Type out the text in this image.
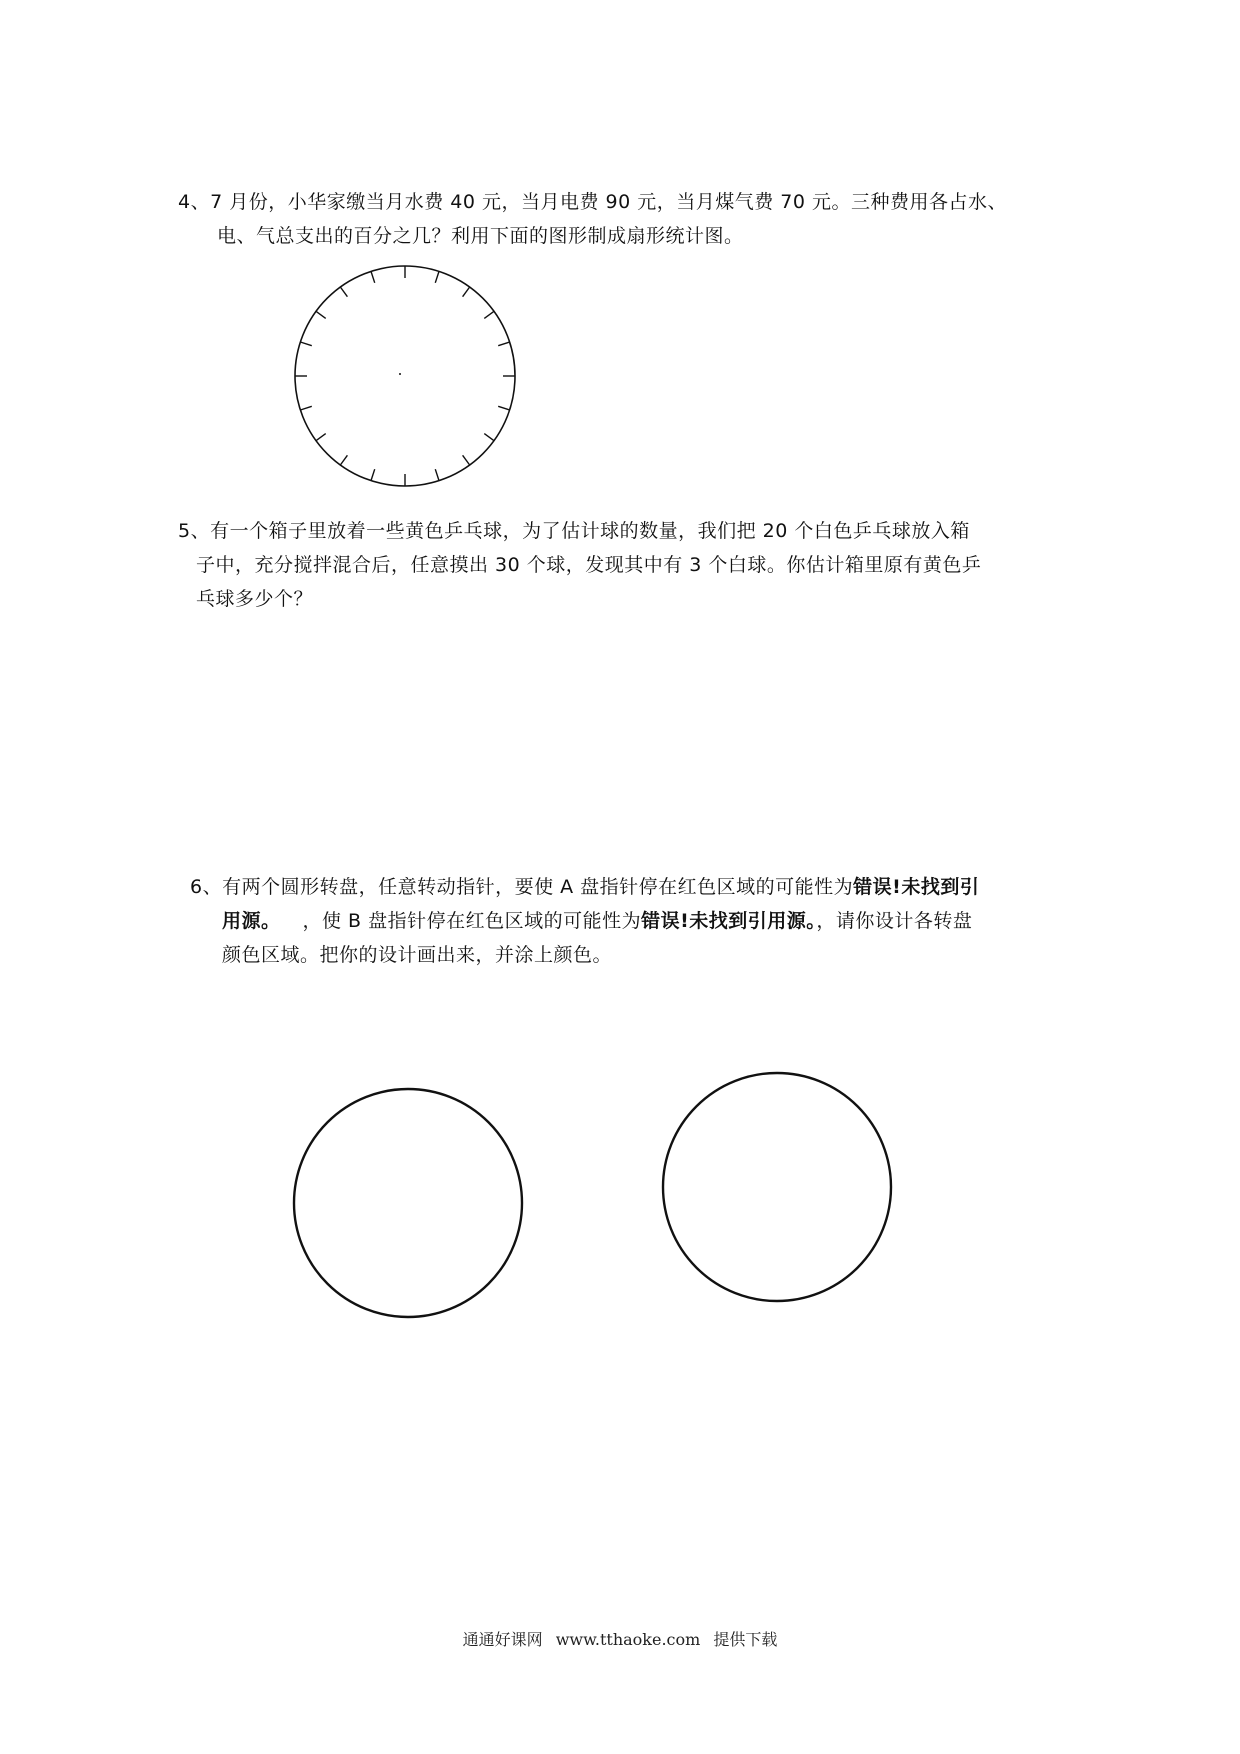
4、7 月份，小华家缴当月水费 40 元，当月电费 90 元，当月煤气费 70 元。三种费用各占水、
电、气总支出的百分之几？利用下面的图形制成扇形统计图。
5、有一个箱子里放着一些黄色乒乓球，为了估计球的数量，我们把 20 个白色乒乓球放入箱
子中，充分搅拌混合后，任意摸出 30 个球，发现其中有 3 个白球。你估计箱里原有黄色乒
乓球多少个？
6、有两个圆形转盘，任意转动指针，要使 A 盘指针停在红色区域的可能性为错误!未找到引
用源。 ，使 B 盘指针停在红色区域的可能性为错误!未找到引用源。，请你设计各转盘
颜色区域。把你的设计画出来，并涂上颜色。
通通好课网 www.tthaoke.com 提供下载
